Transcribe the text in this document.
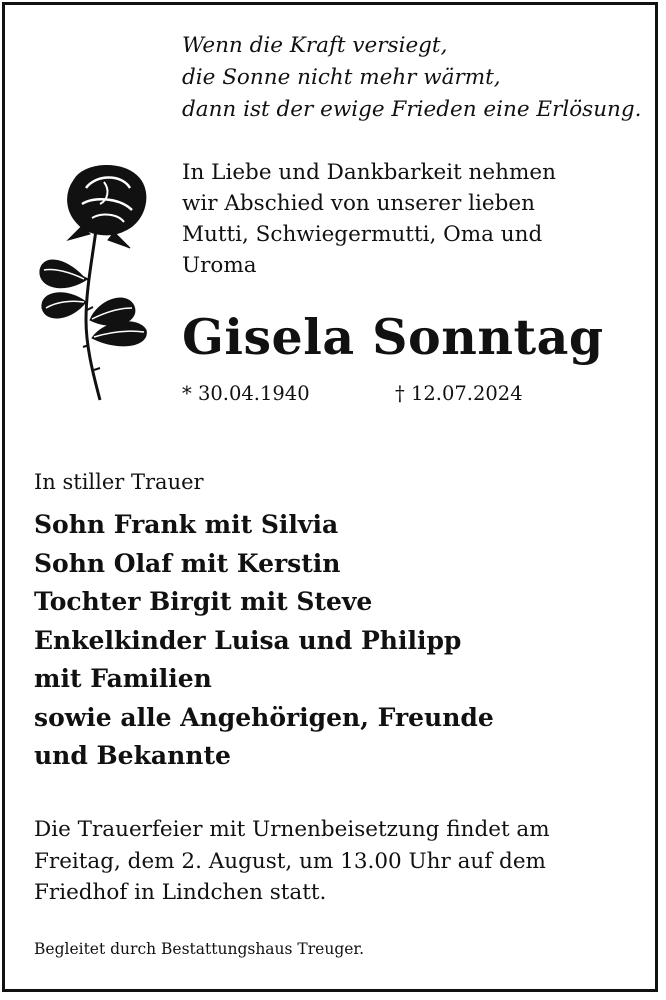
Wenn die Kraft versiegt,
die Sonne nicht mehr wärmt,
dann ist der ewige Frieden eine Erlösung.
In Liebe und Dankbarkeit nehmen
wir Abschied von unserer lieben
Mutti, Schwiegermutti, Oma und
Uroma
Gisela Sonntag
* 30.04.1940	† 12.07.2024
In stiller Trauer
Sohn Frank mit Silvia
Sohn Olaf mit Kerstin
Tochter Birgit mit Steve
Enkelkinder Luisa und Philipp
mit Familien
sowie alle Angehörigen, Freunde
und Bekannte
Die Trauerfeier mit Urnenbeisetzung findet am
Freitag, dem 2. August, um 13.00 Uhr auf dem
Friedhof in Lindchen statt.
Begleitet durch Bestattungshaus Treuger.
